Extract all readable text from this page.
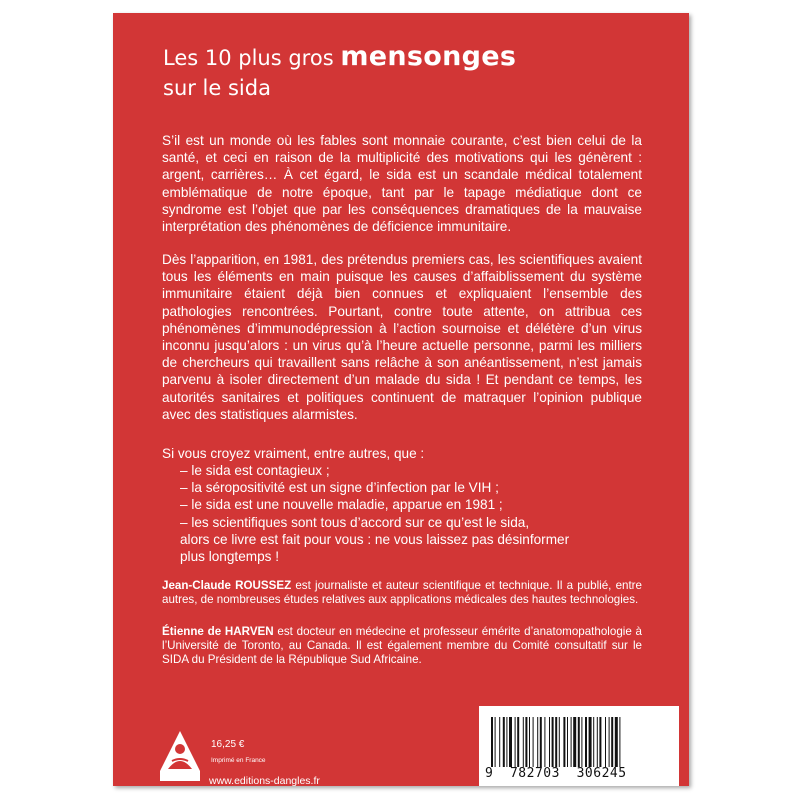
Les 10 plus gros mensonges
sur le sida

S’il est un monde où les fables sont monnaie courante, c’est bien celui de la santé, et ceci en raison de la multiplicité des motivations qui les génèrent : argent, carrières… À cet égard, le sida est un scandale médical totalement emblématique de notre époque, tant par le tapage médiatique dont ce syndrome est l’objet que par les conséquences dramatiques de la mauvaise interprétation des phénomènes de déficience immunitaire.

Dès l’apparition, en 1981, des prétendus premiers cas, les scientifiques avaient tous les éléments en main puisque les causes d’affaiblissement du système immunitaire étaient déjà bien connues et expliquaient l’ensemble des pathologies rencontrées. Pourtant, contre toute attente, on attribua ces phénomènes d’immunodépression à l’action sournoise et délétère d’un virus inconnu jusqu’alors : un virus qu’à l’heure actuelle personne, parmi les milliers de chercheurs qui travaillent sans relâche à son anéantissement, n’est jamais parvenu à isoler directement d’un malade du sida ! Et pendant ce temps, les autorités sanitaires et politiques continuent de matraquer l’opinion publique avec des statistiques alarmistes.

Si vous croyez vraiment, entre autres, que :
– le sida est contagieux ;
– la séropositivité est un signe d’infection par le VIH ;
– le sida est une nouvelle maladie, apparue en 1981 ;
– les scientifiques sont tous d’accord sur ce qu’est le sida,
alors ce livre est fait pour vous : ne vous laissez pas désinformer plus longtemps !

Jean-Claude ROUSSEZ est journaliste et auteur scientifique et technique. Il a publié, entre autres, de nombreuses études relatives aux applications médicales des hautes technologies.

Étienne de HARVEN est docteur en médecine et professeur émérite d’anatomopathologie à l’Université de Toronto, au Canada. Il est également membre du Comité consultatif sur le SIDA du Président de la République Sud Africaine.

DANGLES
16,25 €
Imprimé en France
www.editions-dangles.fr	9  782703  306245
